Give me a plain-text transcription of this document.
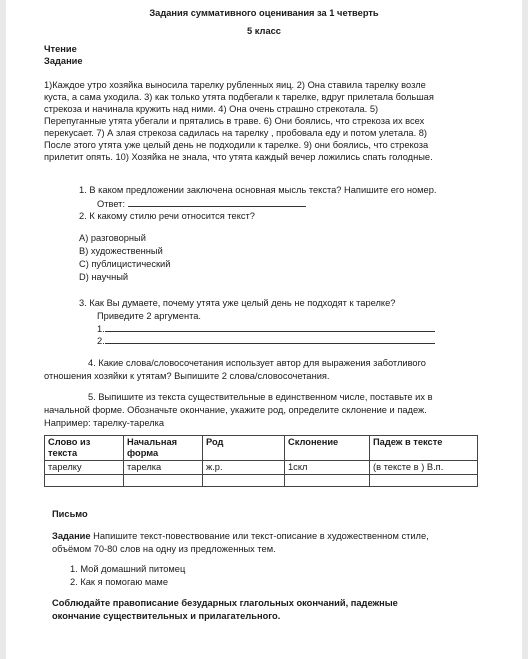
Задания суммативного оценивания за 1 четверть
5 класс
Чтение
Задание
1)Каждое утро хозяйка выносила тарелку рубленных яиц. 2) Она ставила тарелку возле
куста, а сама уходила. 3) как только утята подбегали к тарелке, вдруг прилетала большая
стрекоза и начинала кружить над ними. 4) Она очень страшно стрекотала. 5)
Перепуганные утята убегали и прятались в траве. 6) Они боялись, что стрекоза их всех
перекусает. 7) А злая стрекоза садилась на тарелку , пробовала еду и потом улетала. 8)
После этого утята уже целый день не подходили к тарелке. 9) они боялись, что стрекоза
прилетит опять. 10) Хозяйка не знала, что утята каждый вечер ложились спать голодные.
1. В каком предложении заключена основная мысль текста? Напишите его номер.
Ответ:
2. К какому стилю речи относится текст?
A) разговорный
B) художественный
C) публицистический
D) научный
3. Как Вы думаете, почему утята уже целый день не подходят к тарелке?
Приведите 2 аргумента.
1.
2.
4. Какие слова/словосочетания использует автор для выражения заботливого
отношения хозяйки к утятам? Выпишите 2 слова/словосочетания.
5. Выпишите из текста существительные в единственном числе, поставьте их в
начальной форме. Обозначьте окончание, укажите род, определите склонение и падеж.
Например: тарелку-тарелка
Слово из текста	Начальная форма	Род	Склонение	Падеж в тексте
тарелку	тарелка	ж.р.	1скл	(в тексте в ) В.п.

Письмо
Задание Напишите текст-повествование или текст-описание в художественном стиле,
объёмом 70-80 слов на одну из предложенных тем.
1. Мой домашний питомец
2. Как я помогаю маме
Соблюдайте правописание безударных глагольных окончаний, падежные
окончание существительных и прилагательного.
